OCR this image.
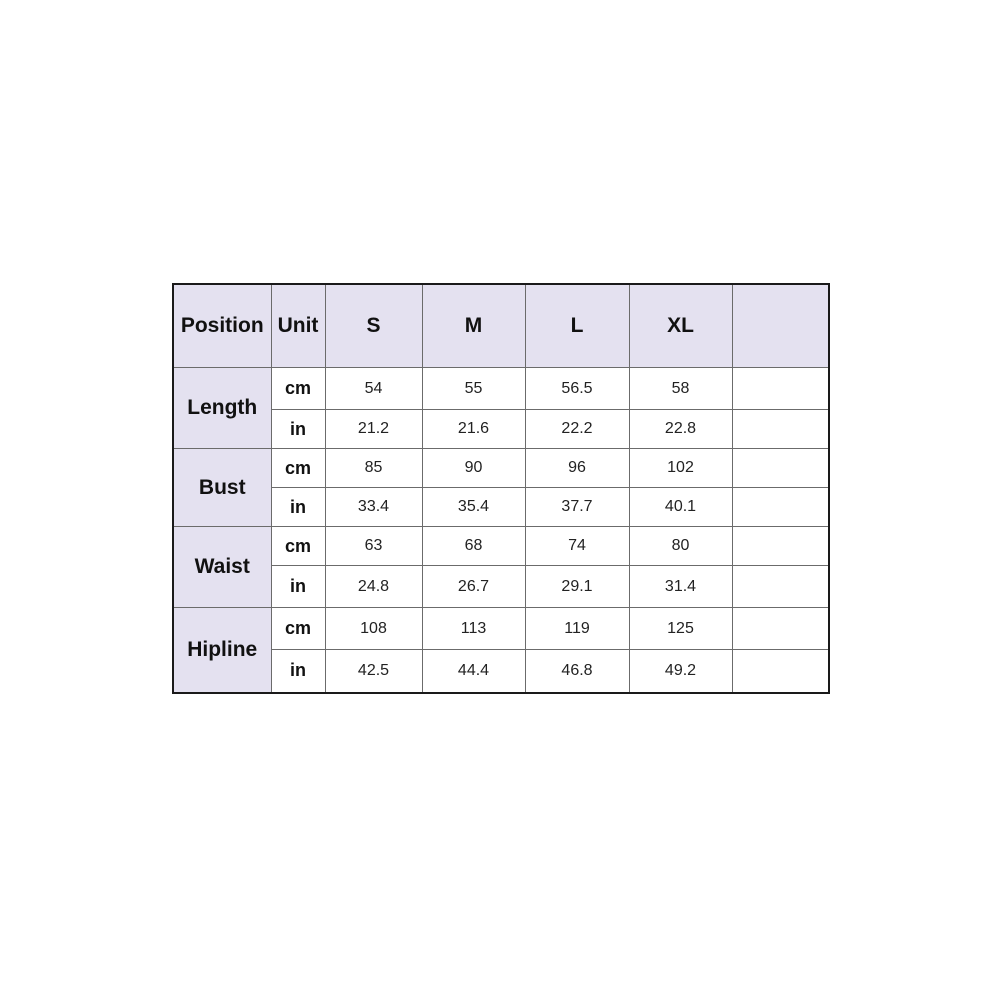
Position	Unit	S	M	L	XL	
Length	cm	54	55	56.5	58	
	in	21.2	21.6	22.2	22.8	
Bust	cm	85	90	96	102	
	in	33.4	35.4	37.7	40.1	
Waist	cm	63	68	74	80	
	in	24.8	26.7	29.1	31.4	
Hipline	cm	108	113	119	125	
	in	42.5	44.4	46.8	49.2	
